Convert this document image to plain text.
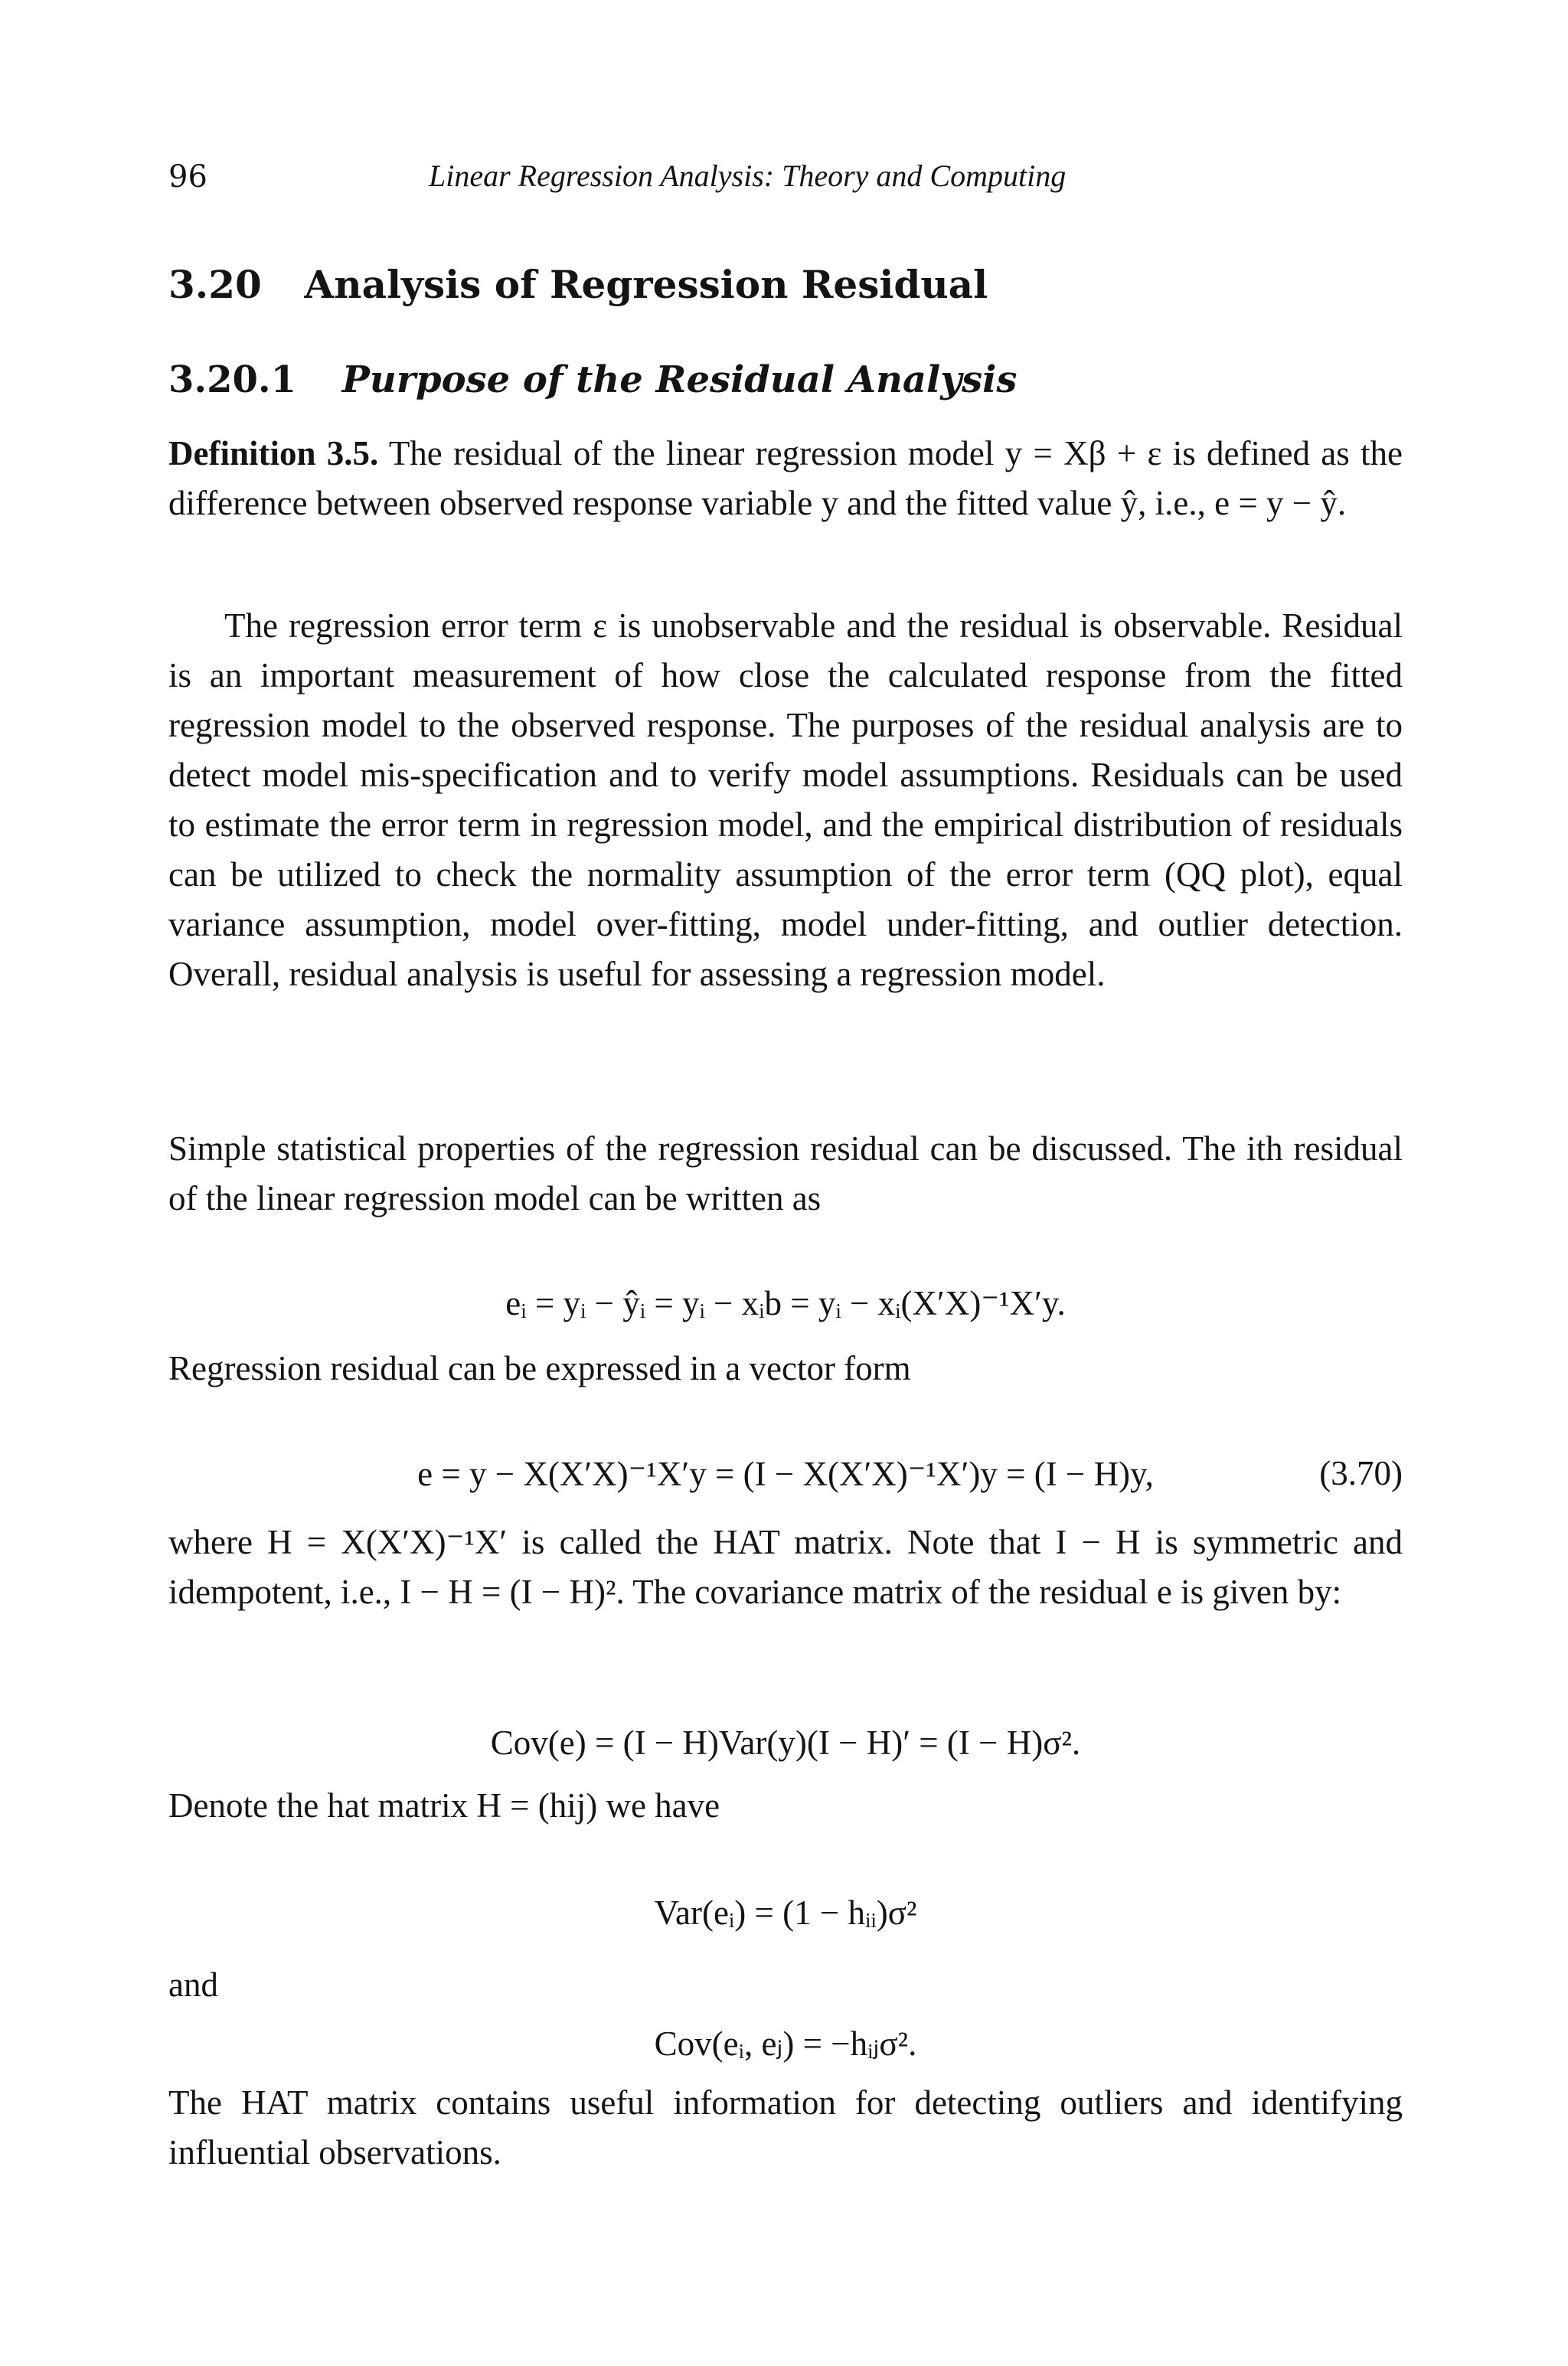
96	Linear Regression Analysis: Theory and Computing
3.20 Analysis of Regression Residual
3.20.1 Purpose of the Residual Analysis

Definition 3.5. The residual of the linear regression model y = Xβ + ε is defined as the difference between observed response variable y and the fitted value ŷ, i.e., e = y − ŷ.

The regression error term ε is unobservable and the residual is observable. Residual is an important measurement of how close the calculated response from the fitted regression model to the observed response. The purposes of the residual analysis are to detect model mis-specification and to verify model assumptions. Residuals can be used to estimate the error term in regression model, and the empirical distribution of residuals can be utilized to check the normality assumption of the error term (QQ plot), equal variance assumption, model over-fitting, model under-fitting, and outlier detection. Overall, residual analysis is useful for assessing a regression model.

Simple statistical properties of the regression residual can be discussed. The ith residual of the linear regression model can be written as

eᵢ = yᵢ − ŷᵢ = yᵢ − xᵢb = yᵢ − xᵢ(X′X)⁻¹X′y.

Regression residual can be expressed in a vector form

e = y − X(X′X)⁻¹X′y = (I − X(X′X)⁻¹X′)y = (I − H)y,	(3.70)

where H = X(X′X)⁻¹X′ is called the HAT matrix. Note that I − H is symmetric and idempotent, i.e., I − H = (I − H)². The covariance matrix of the residual e is given by:

Cov(e) = (I − H)Var(y)(I − H)′ = (I − H)σ².

Denote the hat matrix H = (hij) we have

Var(eᵢ) = (1 − hᵢᵢ)σ²

and

Cov(eᵢ, eⱼ) = −hᵢⱼσ².

The HAT matrix contains useful information for detecting outliers and identifying influential observations.
